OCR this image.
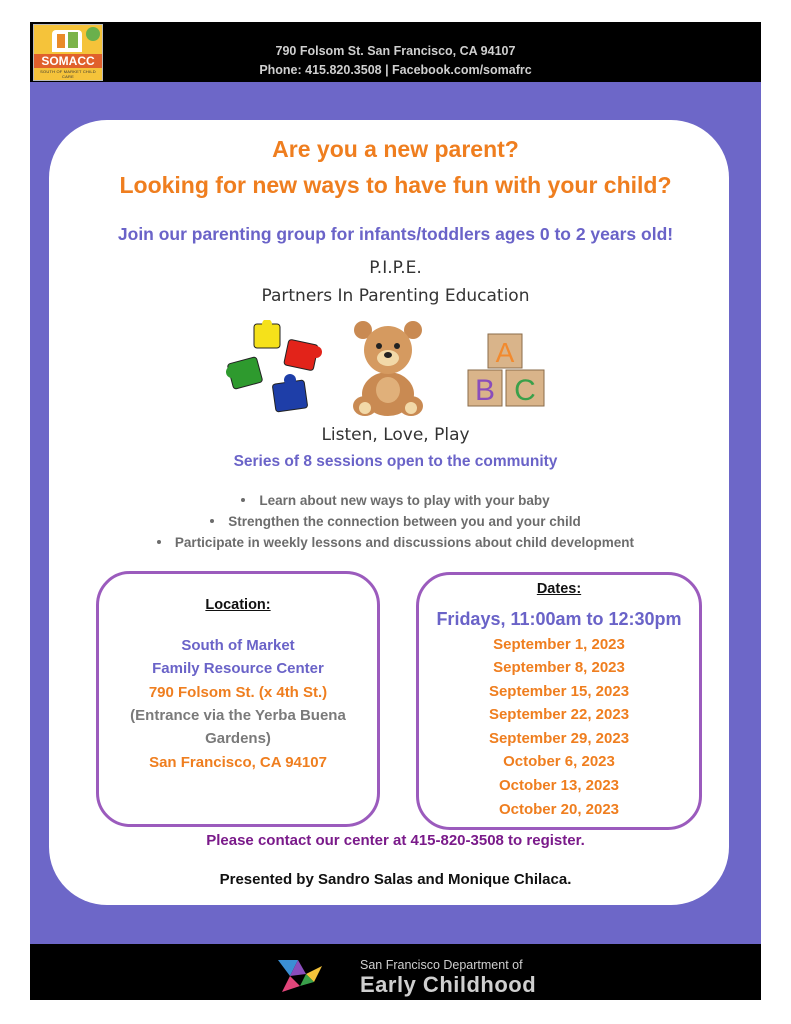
SOMACC
SOUTH OF MARKET CHILD CARE
790 Folsom St. San Francisco, CA 94107
Phone: 415.820.3508 | Facebook.com/somafrc
Are you a new parent?
Looking for new ways to have fun with your child?
Join our parenting group for infants/toddlers ages 0 to 2 years old!
P.I.P.E.
Partners In Parenting Education
A
B C
Listen, Love, Play
Series of 8 sessions open to the community
Learn about new ways to play with your baby
Strengthen the connection between you and your child
Participate in weekly lessons and discussions about child development
Location:
South of Market
Family Resource Center
790 Folsom St. (x 4th St.)
(Entrance via the Yerba Buena
Gardens)
San Francisco, CA 94107
Dates:
Fridays, 11:00am to 12:30pm
September 1, 2023
September 8, 2023
September 15, 2023
September 22, 2023
September 29, 2023
October 6, 2023
October 13, 2023
October 20, 2023
Please contact our center at 415-820-3508 to register.
Presented by Sandro Salas and Monique Chilaca.
San Francisco Department of
Early Childhood
